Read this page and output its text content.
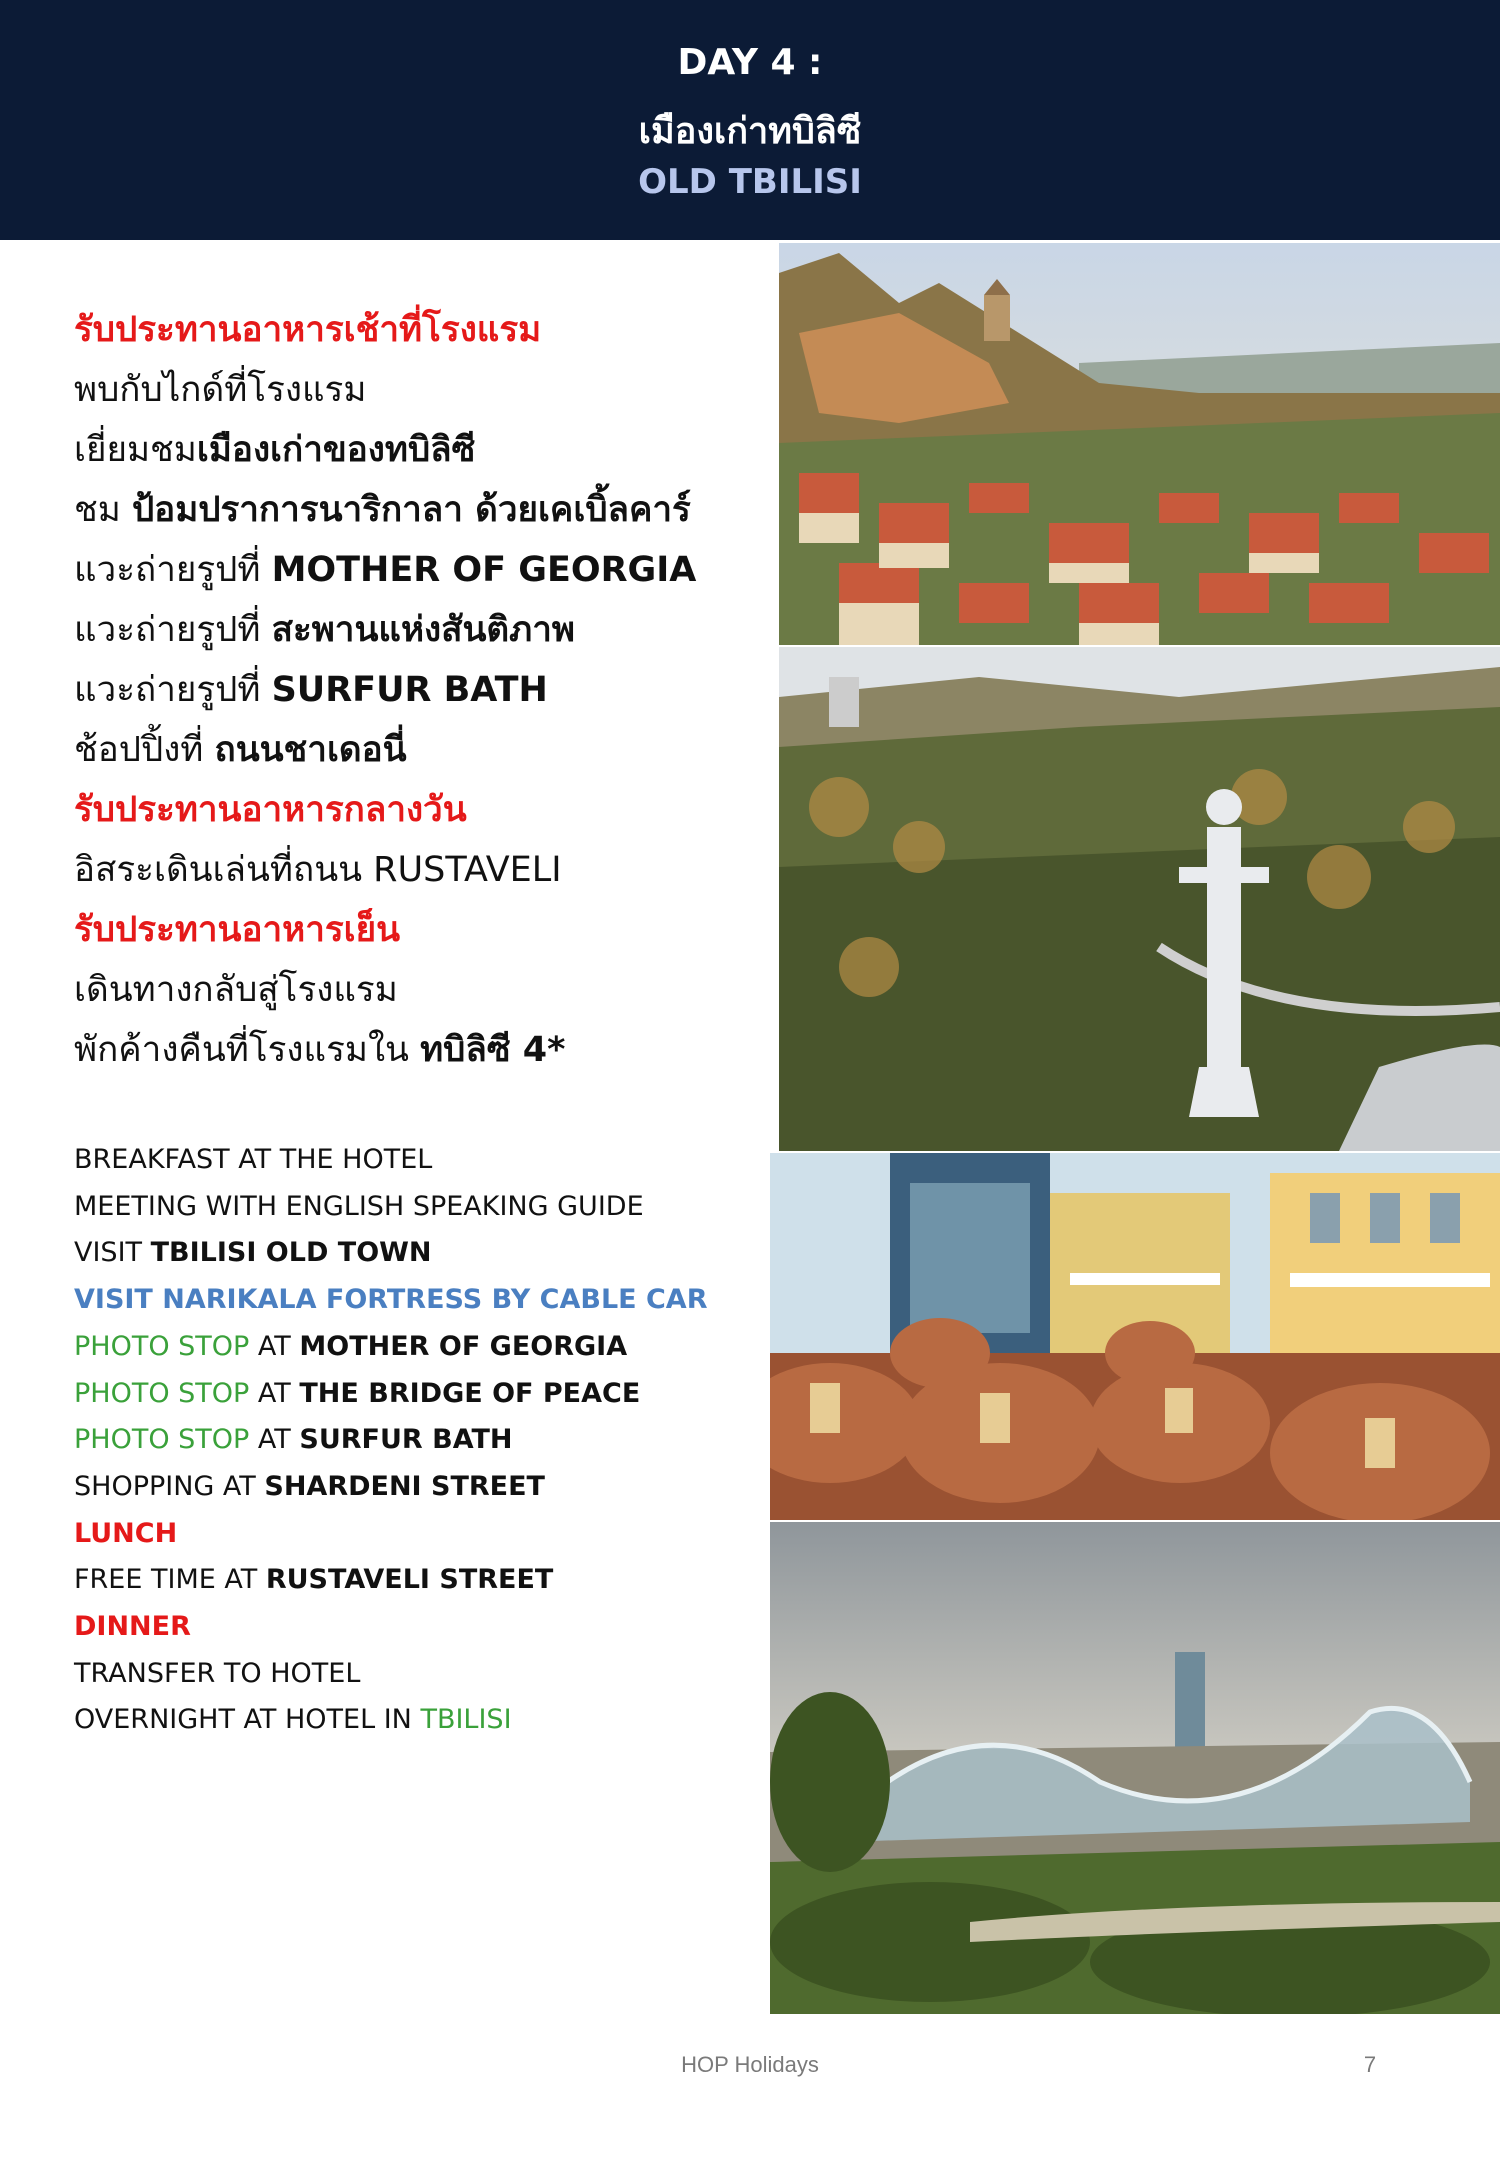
DAY 4 :
เมืองเก่าทบิลิซี
OLD TBILISI
รับประทานอาหารเช้าที่โรงแรม
พบกับไกด์ที่โรงแรม
เยี่ยมชมเมืองเก่าของทบิลิซี
ชม ป้อมปราการนาริกาลา ด้วยเคเบิ้ลคาร์
แวะถ่ายรูปที่ MOTHER OF GEORGIA
แวะถ่ายรูปที่ สะพานแห่งสันติภาพ
แวะถ่ายรูปที่ SURFUR BATH
ช้อปปิ้งที่ ถนนชาเดอนี่
รับประทานอาหารกลางวัน
อิสระเดินเล่นที่ถนน RUSTAVELI
รับประทานอาหารเย็น
เดินทางกลับสู่โรงแรม
พักค้างคืนที่โรงแรมใน ทบิลิซี 4*
BREAKFAST AT THE HOTEL
MEETING WITH ENGLISH SPEAKING GUIDE
VISIT TBILISI OLD TOWN
VISIT NARIKALA FORTRESS BY CABLE CAR
PHOTO STOP AT MOTHER OF GEORGIA
PHOTO STOP AT THE BRIDGE OF PEACE
PHOTO STOP AT SURFUR BATH
SHOPPING AT SHARDENI STREET
LUNCH
FREE TIME AT RUSTAVELI STREET
DINNER
TRANSFER TO HOTEL
OVERNIGHT AT HOTEL IN TBILISI
HOP Holidays	7
